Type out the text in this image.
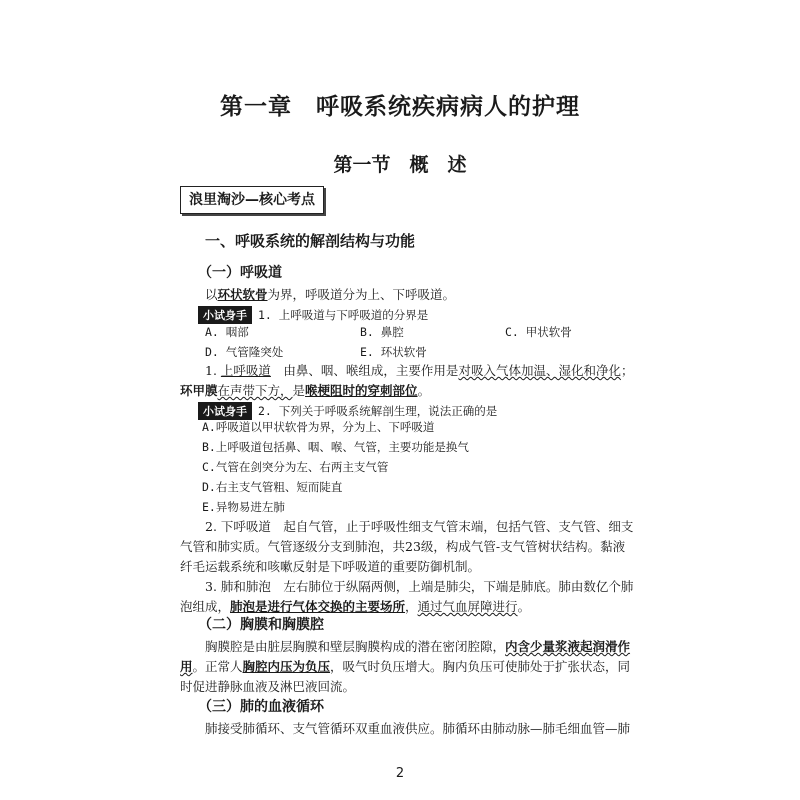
第一章　呼吸系统疾病病人的护理
第一节　概　述
浪里淘沙—核心考点
一、呼吸系统的解剖结构与功能
（一）呼吸道
以环状软骨为界，呼吸道分为上、下呼吸道。
小试身手 1. 上呼吸道与下呼吸道的分界是
A. 咽部	B. 鼻腔	C. 甲状软骨
D. 气管隆突处	E. 环状软骨
1. 上呼吸道　由鼻、咽、喉组成，主要作用是对吸入气体加温、湿化和净化；
环甲膜在声带下方，是喉梗阻时的穿刺部位。
小试身手 2. 下列关于呼吸系统解剖生理，说法正确的是
A.呼吸道以甲状软骨为界，分为上、下呼吸道
B.上呼吸道包括鼻、咽、喉、气管，主要功能是换气
C.气管在剑突分为左、右两主支气管
D.右主支气管粗、短而陡直
E.异物易进左肺
2. 下呼吸道　起自气管，止于呼吸性细支气管末端，包括气管、支气管、细支
气管和肺实质。气管逐级分支到肺泡，共23级，构成气管-支气管树状结构。黏液
纤毛运载系统和咳嗽反射是下呼吸道的重要防御机制。
3. 肺和肺泡　左右肺位于纵隔两侧，上端是肺尖，下端是肺底。肺由数亿个肺
泡组成，肺泡是进行气体交换的主要场所，通过气血屏障进行。
（二）胸膜和胸膜腔
胸膜腔是由脏层胸膜和壁层胸膜构成的潜在密闭腔隙，内含少量浆液起润滑作
用。正常人胸腔内压为负压，吸气时负压增大。胸内负压可使肺处于扩张状态，同
时促进静脉血液及淋巴液回流。
（三）肺的血液循环
肺接受肺循环、支气管循环双重血液供应。肺循环由肺动脉—肺毛细血管—肺
2
